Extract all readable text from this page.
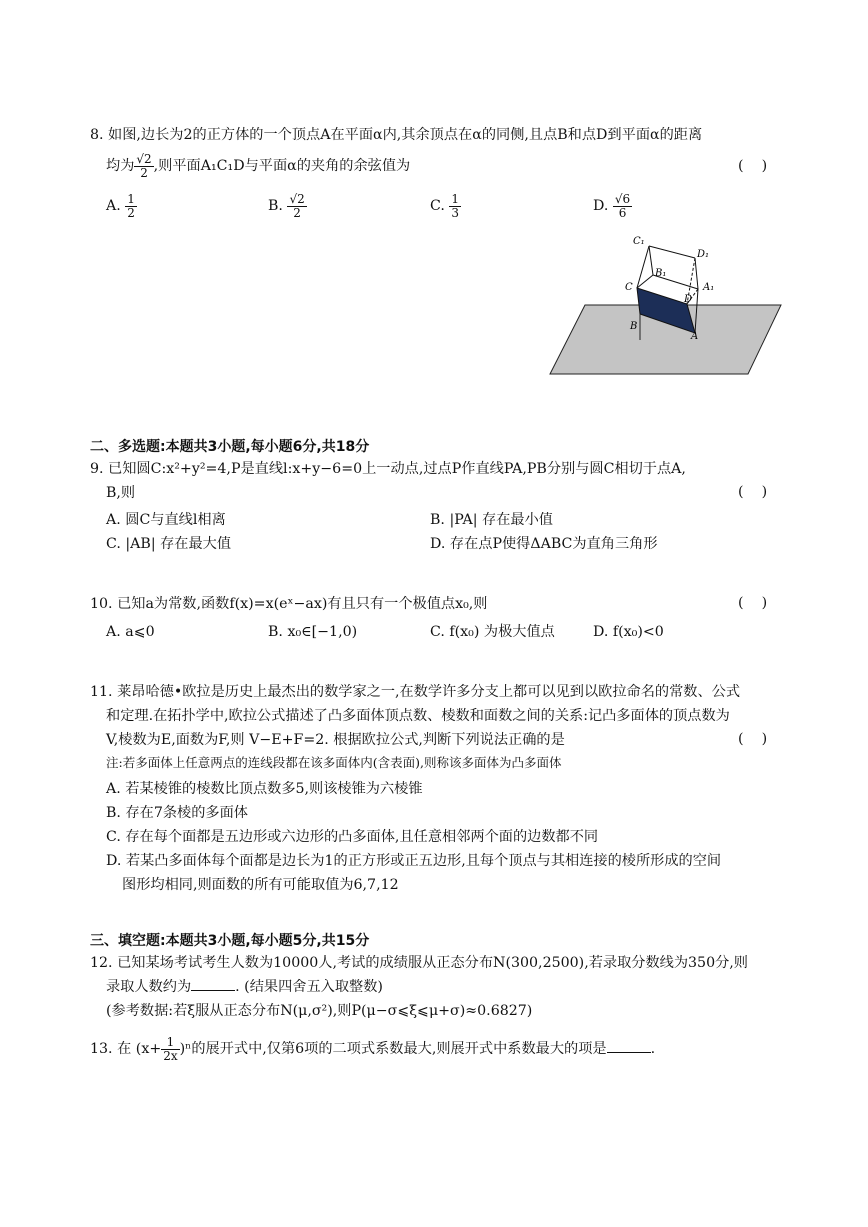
8. 如图,边长为2的正方体的一个顶点A在平面α内,其余顶点在α的同侧,且点B和点D到平面α的距离
均为 $\frac{√2}{2}$ ,则平面A₁C₁D与平面α的夹角的余弦值为	(    )
A. $\frac{1}{2}$	B. $\frac{√2}{2}$	C. $\frac{1}{3}$	D. $\frac{√6}{6}$
C₁
D₁
B₁
A₁
C
D
B
A
二、多选题:本题共3小题,每小题6分,共18分
9. 已知圆C:x²+y²=4,P是直线l:x+y−6=0上一动点,过点P作直线PA,PB分别与圆C相切于点A,
B,则	(    )
A. 圆C与直线l相离	B. |PA| 存在最小值
C. |AB| 存在最大值	D. 存在点P使得ΔABC为直角三角形
10. 已知a为常数,函数f(x)=x(eˣ−ax)有且只有一个极值点x₀,则	(    )
A. a⩽0	B. x₀∈[−1,0)	C. f(x₀) 为极大值点	D. f(x₀)<0
11. 莱昂哈德•欧拉是历史上最杰出的数学家之一,在数学许多分支上都可以见到以欧拉命名的常数、公式
和定理.在拓扑学中,欧拉公式描述了凸多面体顶点数、棱数和面数之间的关系:记凸多面体的顶点数为
V,棱数为E,面数为F,则 V−E+F=2. 根据欧拉公式,判断下列说法正确的是	(    )
注:若多面体上任意两点的连线段都在该多面体内(含表面),则称该多面体为凸多面体
A. 若某棱锥的棱数比顶点数多5,则该棱锥为六棱锥
B. 存在7条棱的多面体
C. 存在每个面都是五边形或六边形的凸多面体,且任意相邻两个面的边数都不同
D. 若某凸多面体每个面都是边长为1的正方形或正五边形,且每个顶点与其相连接的棱所形成的空间
图形均相同,则面数的所有可能取值为6,7,12
三、填空题:本题共3小题,每小题5分,共15分
12. 已知某场考试考生人数为10000人,考试的成绩服从正态分布N(300,2500),若录取分数线为350分,则
录取人数约为	. (结果四舍五入取整数)
(参考数据:若ξ服从正态分布N(μ,σ²),则P(μ−σ⩽ξ⩽μ+σ)≈0.6827)
13. 在 $(x+ \frac{1}{2x} )^n$的展开式中,仅第6项的二项式系数最大,则展开式中系数最大的项是	.
